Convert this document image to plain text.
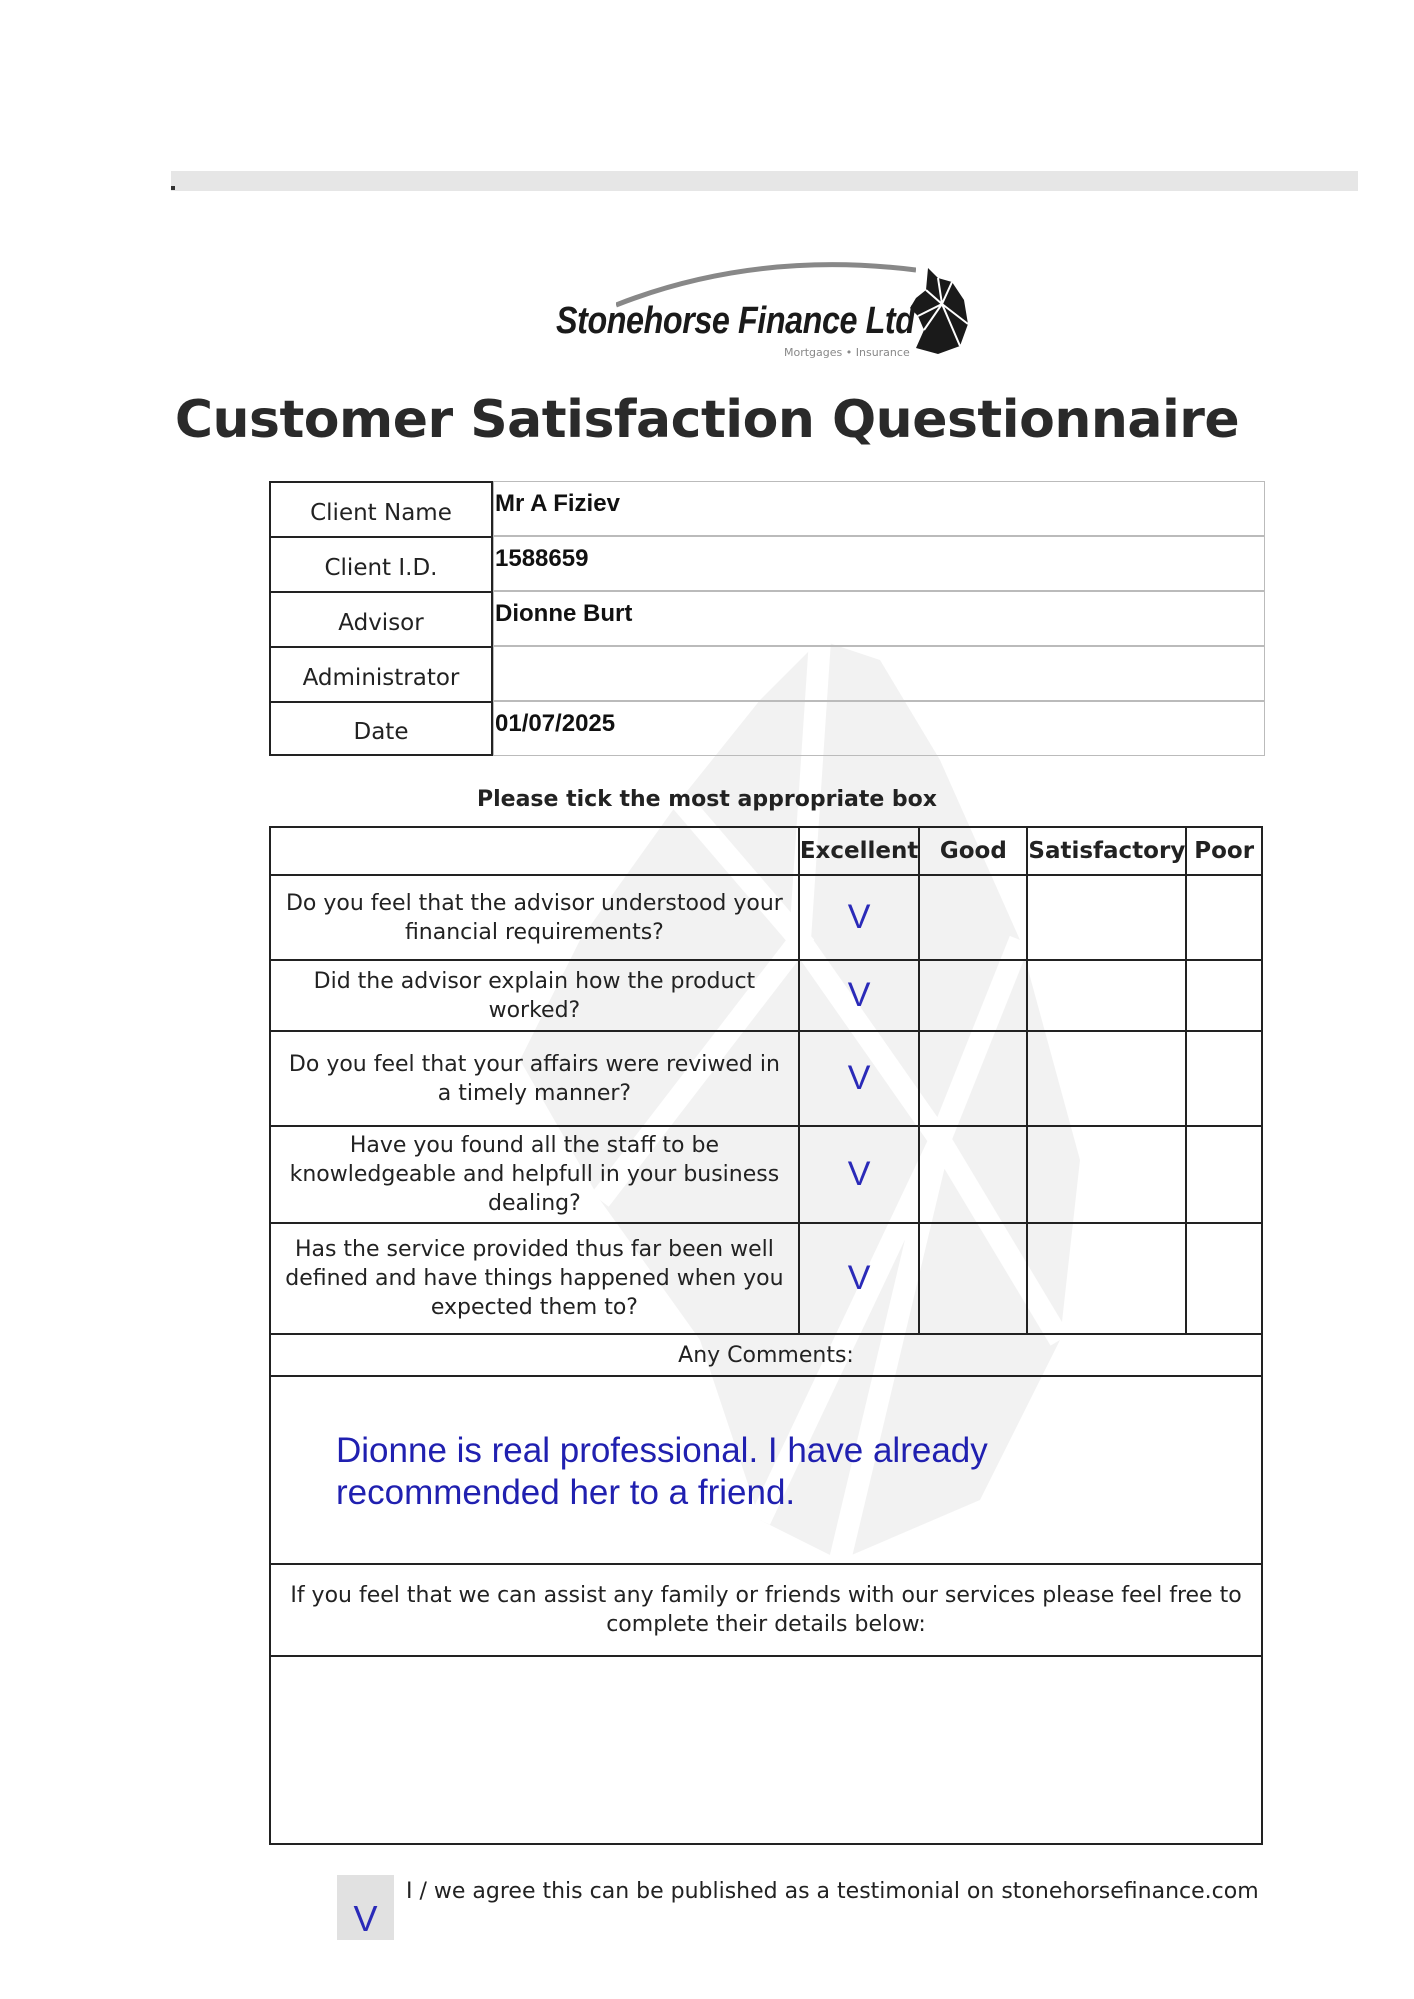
Stonehorse Finance Ltd
Mortgages • Insurance
Customer Satisfaction Questionnaire
Client Name	Mr A Fiziev
Client I.D.	1588659
Advisor	Dionne Burt
Administrator
Date	01/07/2025
Please tick the most appropriate box
	Excellent	Good	Satisfactory	Poor
Do you feel that the advisor understood your financial requirements?	V			
Did the advisor explain how the product worked?	V			
Do you feel that your affairs were reviwed in a timely manner?	V			
Have you found all the staff to be knowledgeable and helpfull in your business dealing?	V			
Has the service provided thus far been well defined and have things happened when you expected them to?	V			
Any Comments:				

Dionne is real professional. I have already
recommended her to a friend.				

If you feel that we can assist any family or friends with our services please feel free to complete their details below:				

V
I / we agree this can be published as a testimonial on stonehorsefinance.com
